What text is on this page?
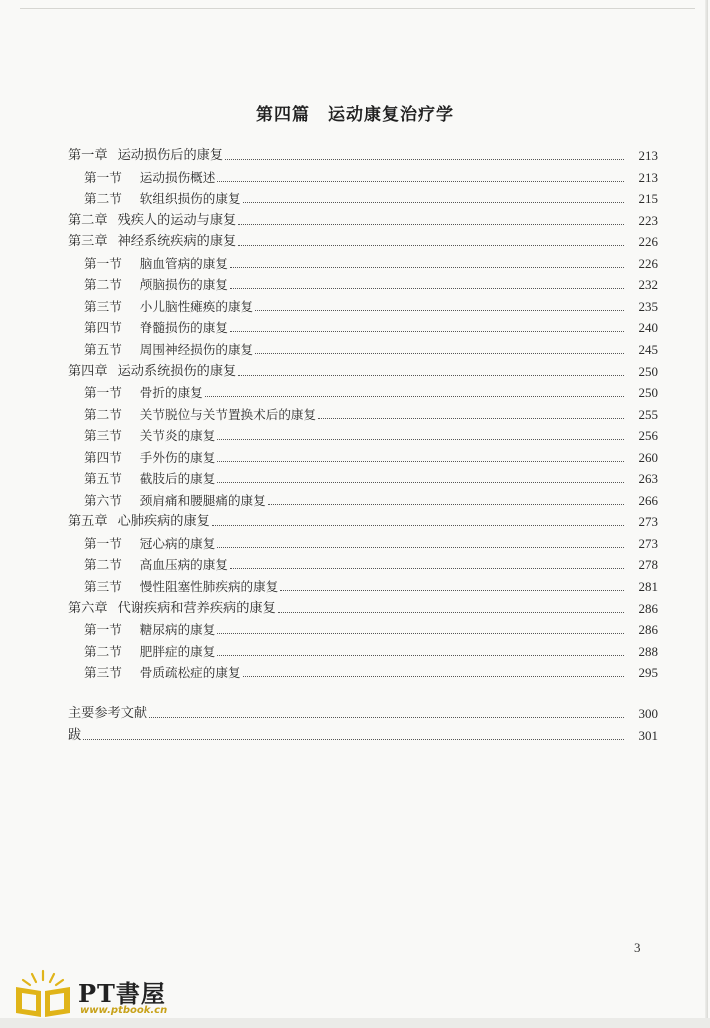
第四篇　运动康复治疗学
第一章 运动损伤后的康复	213
第一节 运动损伤概述	213
第二节 软组织损伤的康复	215
第二章 残疾人的运动与康复	223
第三章 神经系统疾病的康复	226
第一节 脑血管病的康复	226
第二节 颅脑损伤的康复	232
第三节 小儿脑性瘫痪的康复	235
第四节 脊髓损伤的康复	240
第五节 周围神经损伤的康复	245
第四章 运动系统损伤的康复	250
第一节 骨折的康复	250
第二节 关节脱位与关节置换术后的康复	255
第三节 关节炎的康复	256
第四节 手外伤的康复	260
第五节 截肢后的康复	263
第六节 颈肩痛和腰腿痛的康复	266
第五章 心肺疾病的康复	273
第一节 冠心病的康复	273
第二节 高血压病的康复	278
第三节 慢性阻塞性肺疾病的康复	281
第六章 代谢疾病和营养疾病的康复	286
第一节 糖尿病的康复	286
第二节 肥胖症的康复	288
第三节 骨质疏松症的康复	295
主要参考文献	300
跋	301
3
PT書屋
www.ptbook.cn
